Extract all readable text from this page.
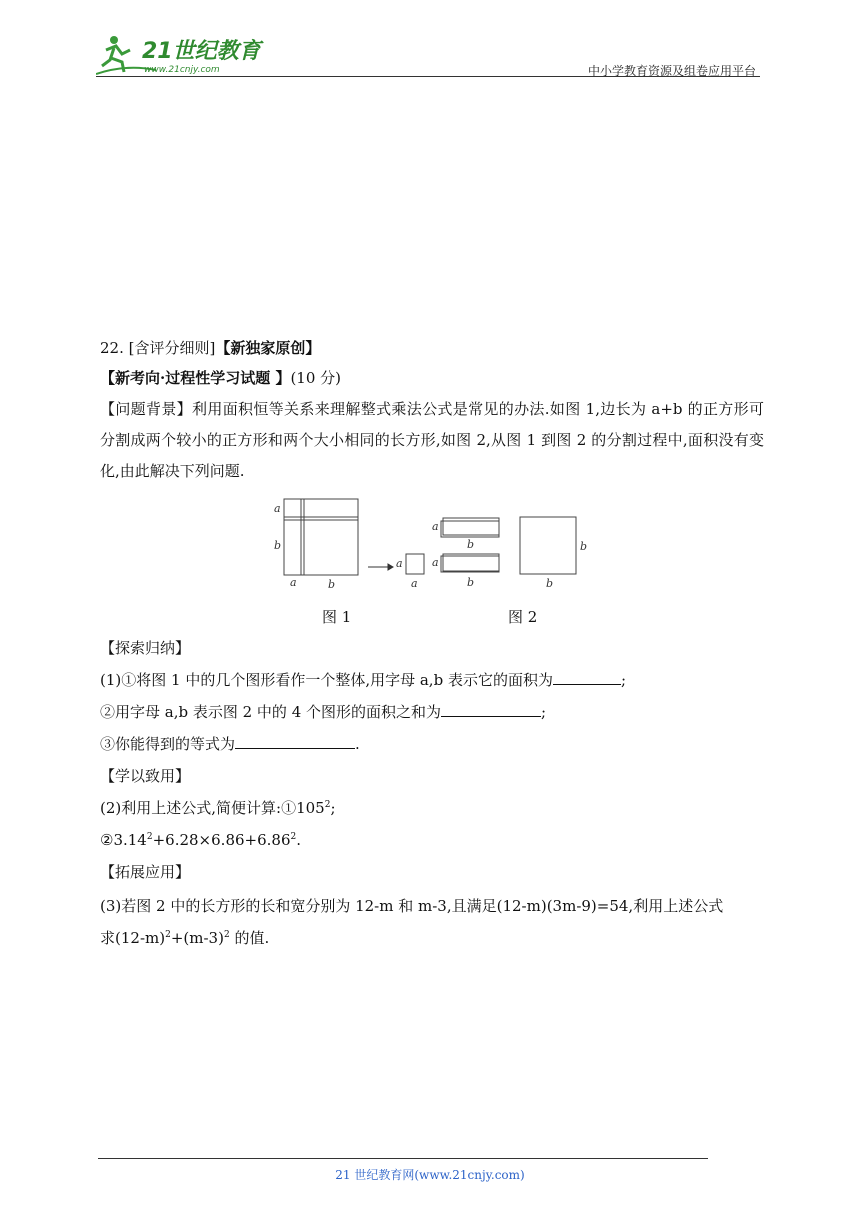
21世纪教育
www.21cnjy.com	中小学教育资源及组卷应用平台
22. [含评分细则]【新独家原创】
【新考向·过程性学习试题 】(10 分)
【问题背景】利用面积恒等关系来理解整式乘法公式是常见的办法.如图 1,边长为 a+b 的正方形可分割成两个较小的正方形和两个大小相同的长方形,如图 2,从图 1 到图 2 的分割过程中,面积没有变化,由此解决下列问题.
a
b
a	b
a
a
a
b
a
b
b
b
图 1	图 2
【探索归纳】
(1)①将图 1 中的几个图形看作一个整体,用字母 a,b 表示它的面积为	;
②用字母 a,b 表示图 2 中的 4 个图形的面积之和为	;
③你能得到的等式为	.
【学以致用】
(2)利用上述公式,简便计算$:①105^2$;
$②3.14^2+6.28\times 6.86+6.86^2$.
【拓展应用】
(3)若图 2 中的长方形的长和宽分别为 12-m 和 m-3,且满足(12-m)(3m-9)=54,利用上述公式
求$(12-m)^2+(m-3)^2$ 的值.
21 世纪教育网(www.21cnjy.com)
